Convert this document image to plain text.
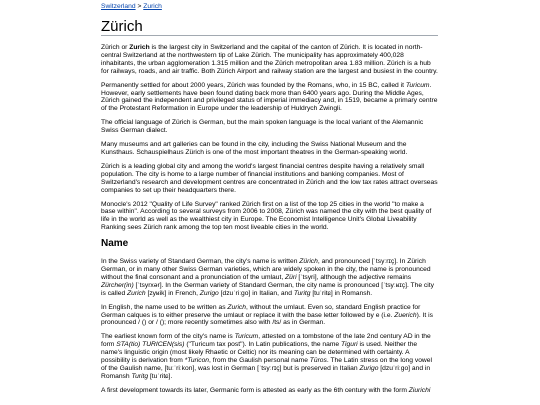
Switzerland > Zurich
Zürich

Zürich or Zurich is the largest city in Switzerland and the capital of the canton of Zürich. It is located in north-central Switzerland at the northwestern tip of Lake Zürich. The municipality has approximately 400,028 inhabitants, the urban agglomeration 1.315 million and the Zürich metropolitan area 1.83 million. Zürich is a hub for railways, roads, and air traffic. Both Zürich Airport and railway station are the largest and busiest in the country.

Permanently settled for about 2000 years, Zürich was founded by the Romans, who, in 15 BC, called it Turicum. However, early settlements have been found dating back more than 6400 years ago. During the Middle Ages, Zürich gained the independent and privileged status of imperial immediacy and, in 1519, became a primary centre of the Protestant Reformation in Europe under the leadership of Huldrych Zwingli.

The official language of Zürich is German, but the main spoken language is the local variant of the Alemannic Swiss German dialect.

Many museums and art galleries can be found in the city, including the Swiss National Museum and the Kunsthaus. Schauspielhaus Zürich is one of the most important theatres in the German-speaking world.

Zürich is a leading global city and among the world's largest financial centres despite having a relatively small population. The city is home to a large number of financial institutions and banking companies. Most of Switzerland's research and development centres are concentrated in Zürich and the low tax rates attract overseas companies to set up their headquarters there.

Monocle's 2012 "Quality of Life Survey" ranked Zürich first on a list of the top 25 cities in the world "to make a base within". According to several surveys from 2006 to 2008, Zürich was named the city with the best quality of life in the world as well as the wealthiest city in Europe. The Economist Intelligence Unit's Global Liveability Ranking sees Zürich rank among the top ten most liveable cities in the world.

Name

In the Swiss variety of Standard German, the city's name is written Zürich, and pronounced [ˈtsyːrɪç]. In Zürich German, or in many other Swiss German varieties, which are widely spoken in the city, the name is pronounced without the final consonant and a pronunciation of the umlaut, Züri [ˈtsyri], although the adjective remains Zürcher(in) [ˈtsyrxər]. In the German variety of Standard German, the city name is pronounced [ˈtsyːʁɪç]. The city is called Zurich [zyʁik] in French, Zurigo [dzuˈriːɡo] in Italian, and Turitg [tuˈritɕ] in Romansh.

In English, the name used to be written as Zurich, without the umlaut. Even so, standard English practice for German calques is to either preserve the umlaut or replace it with the base letter followed by e (i.e. Zuerich). It is pronounced / () or / (); more recently sometimes also with /ts/ as in German.

The earliest known form of the city's name is Turicum, attested on a tombstone of the late 2nd century AD in the form STA(tio) TURICEN(sis) ("Turicum tax post"). In Latin publications, the name Tiguri is used. Neither the name's linguistic origin (most likely Rhaetic or Celtic) nor its meaning can be determined with certainty. A possibility is derivation from *Turicon, from the Gaulish personal name Tūros. The Latin stress on the long vowel of the Gaulish name, [tuːˈriːkon], was lost in German [ˈtsyːrɪç] but is preserved in Italian Zurigo [dzuˈriːɡo] and in Romansh Turitg [tuˈritɕ].

A first development towards its later, Germanic form is attested as early as the 6th century with the form Ziurichi
